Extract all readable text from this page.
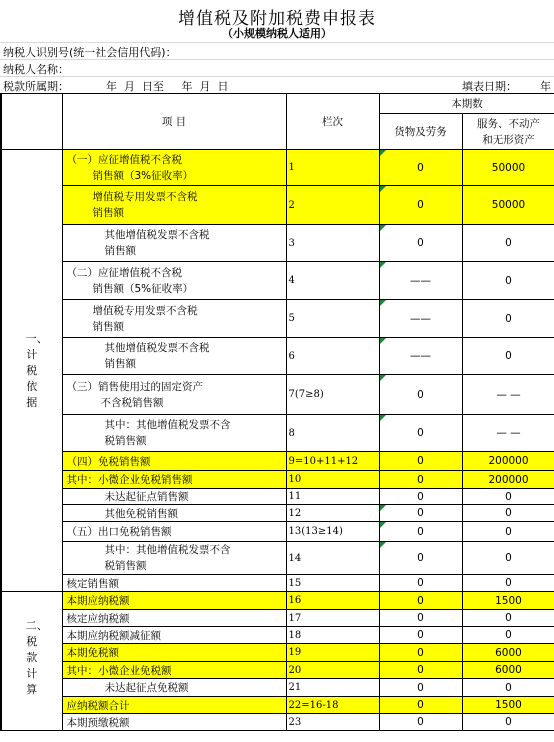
增值税及附加税费申报表
（小规模纳税人适用）
纳税人识别号(统一社会信用代码)：
纳税人名称：
税款所属期：	年  月  日至     年  月  日	填表日期： 年
	项 目	栏次	本期数	
			货物及劳务	服务、不动产
和无形资产

一、计税依据	（一）应征增值税不含税
销售额（3%征收率）	1	0	50000

	增值税专用发票不含税
销售额	2	0	50000

	其他增值税发票不含税
销售额	3	0	0

	（二）应征增值税不含税
销售额（5%征收率）	4	——	0

	增值税专用发票不含税
销售额	5	——	0

	其他增值税发票不含税
销售额	6	——	0

	（三）销售使用过的固定资产
不含税销售额	7(7≥8)	0	— —

	其中：其他增值税发票不含
税销售额	8	0	— —
	（四）免税销售额	9=10+11+12	0	200000
	其中：小微企业免税销售额	10	0	200000
	未达起征点销售额	11	0	0
	其他免税销售额	12	0	0
	（五）出口免税销售额	13(13≥14)	0	0

	其中：其他增值税发票不含
税销售额	14	0	0
	核定销售额	15	0	0
二、税款计算	本期应纳税额	16	0	1500
	核定应纳税额	17	0	0
	本期应纳税额减征额	18	0	0
	本期免税额	19	0	6000
	其中：小微企业免税额	20	0	6000
	未达起征点免税额	21	0	0
	应纳税额合计	22=16-18	0	1500
	本期预缴税额	23	0	0
